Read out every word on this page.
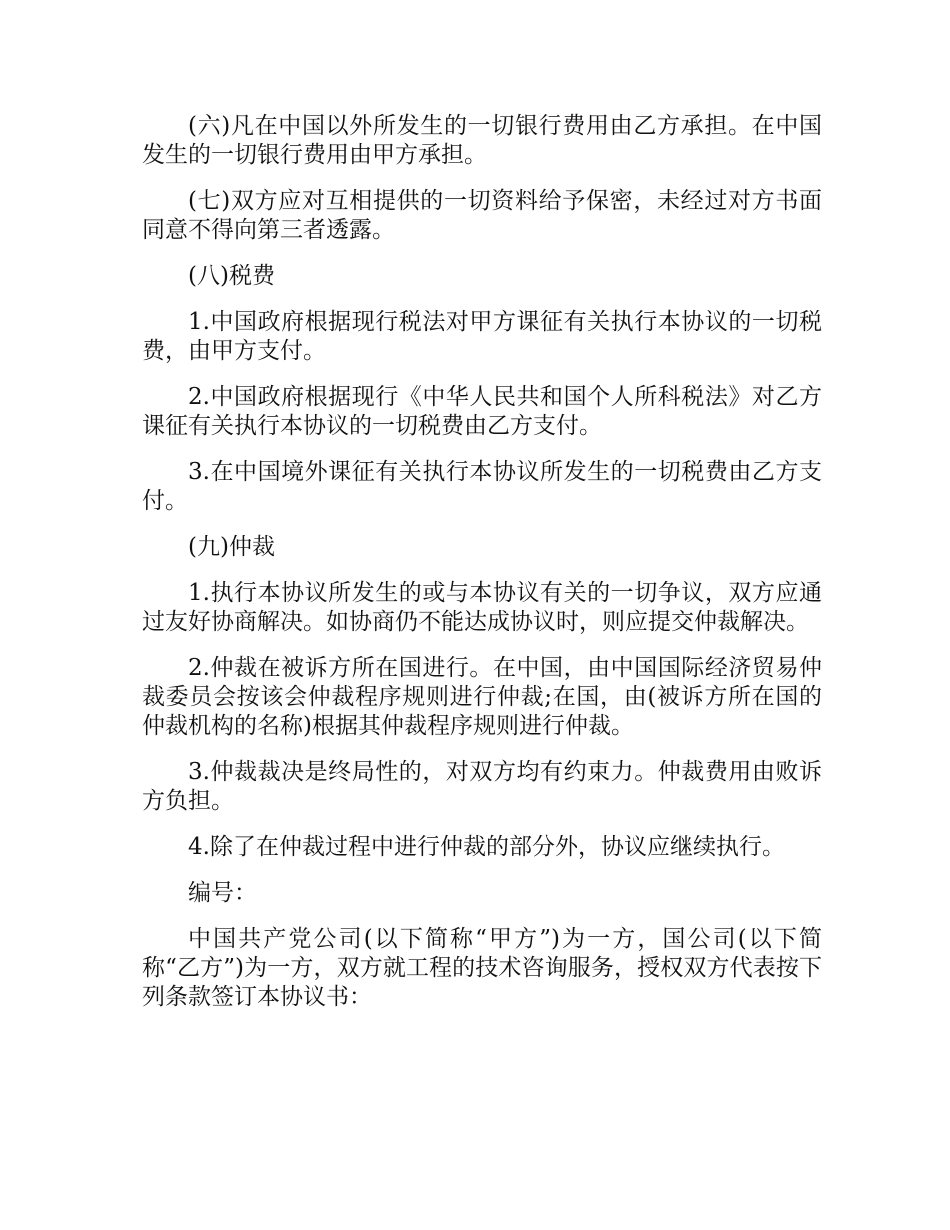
(六)凡在中国以外所发生的一切银行费用由乙方承担。在中国发生的一切银行费用由甲方承担。

(七)双方应对互相提供的一切资料给予保密，未经过对方书面同意不得向第三者透露。

(八)税费

1.中国政府根据现行税法对甲方课征有关执行本协议的一切税费，由甲方支付。

2.中国政府根据现行《中华人民共和国个人所科税法》对乙方课征有关执行本协议的一切税费由乙方支付。

3.在中国境外课征有关执行本协议所发生的一切税费由乙方支付。

(九)仲裁

1.执行本协议所发生的或与本协议有关的一切争议，双方应通过友好协商解决。如协商仍不能达成协议时，则应提交仲裁解决。

2.仲裁在被诉方所在国进行。在中国，由中国国际经济贸易仲裁委员会按该会仲裁程序规则进行仲裁;在国，由(被诉方所在国的仲裁机构的名称)根据其仲裁程序规则进行仲裁。

3.仲裁裁决是终局性的，对双方均有约束力。仲裁费用由败诉方负担。

4.除了在仲裁过程中进行仲裁的部分外，协议应继续执行。

编号：

中国共产党公司(以下简称“甲方”)为一方，国公司(以下简称“乙方”)为一方，双方就工程的技术咨询服务，授权双方代表按下列条款签订本协议书：
